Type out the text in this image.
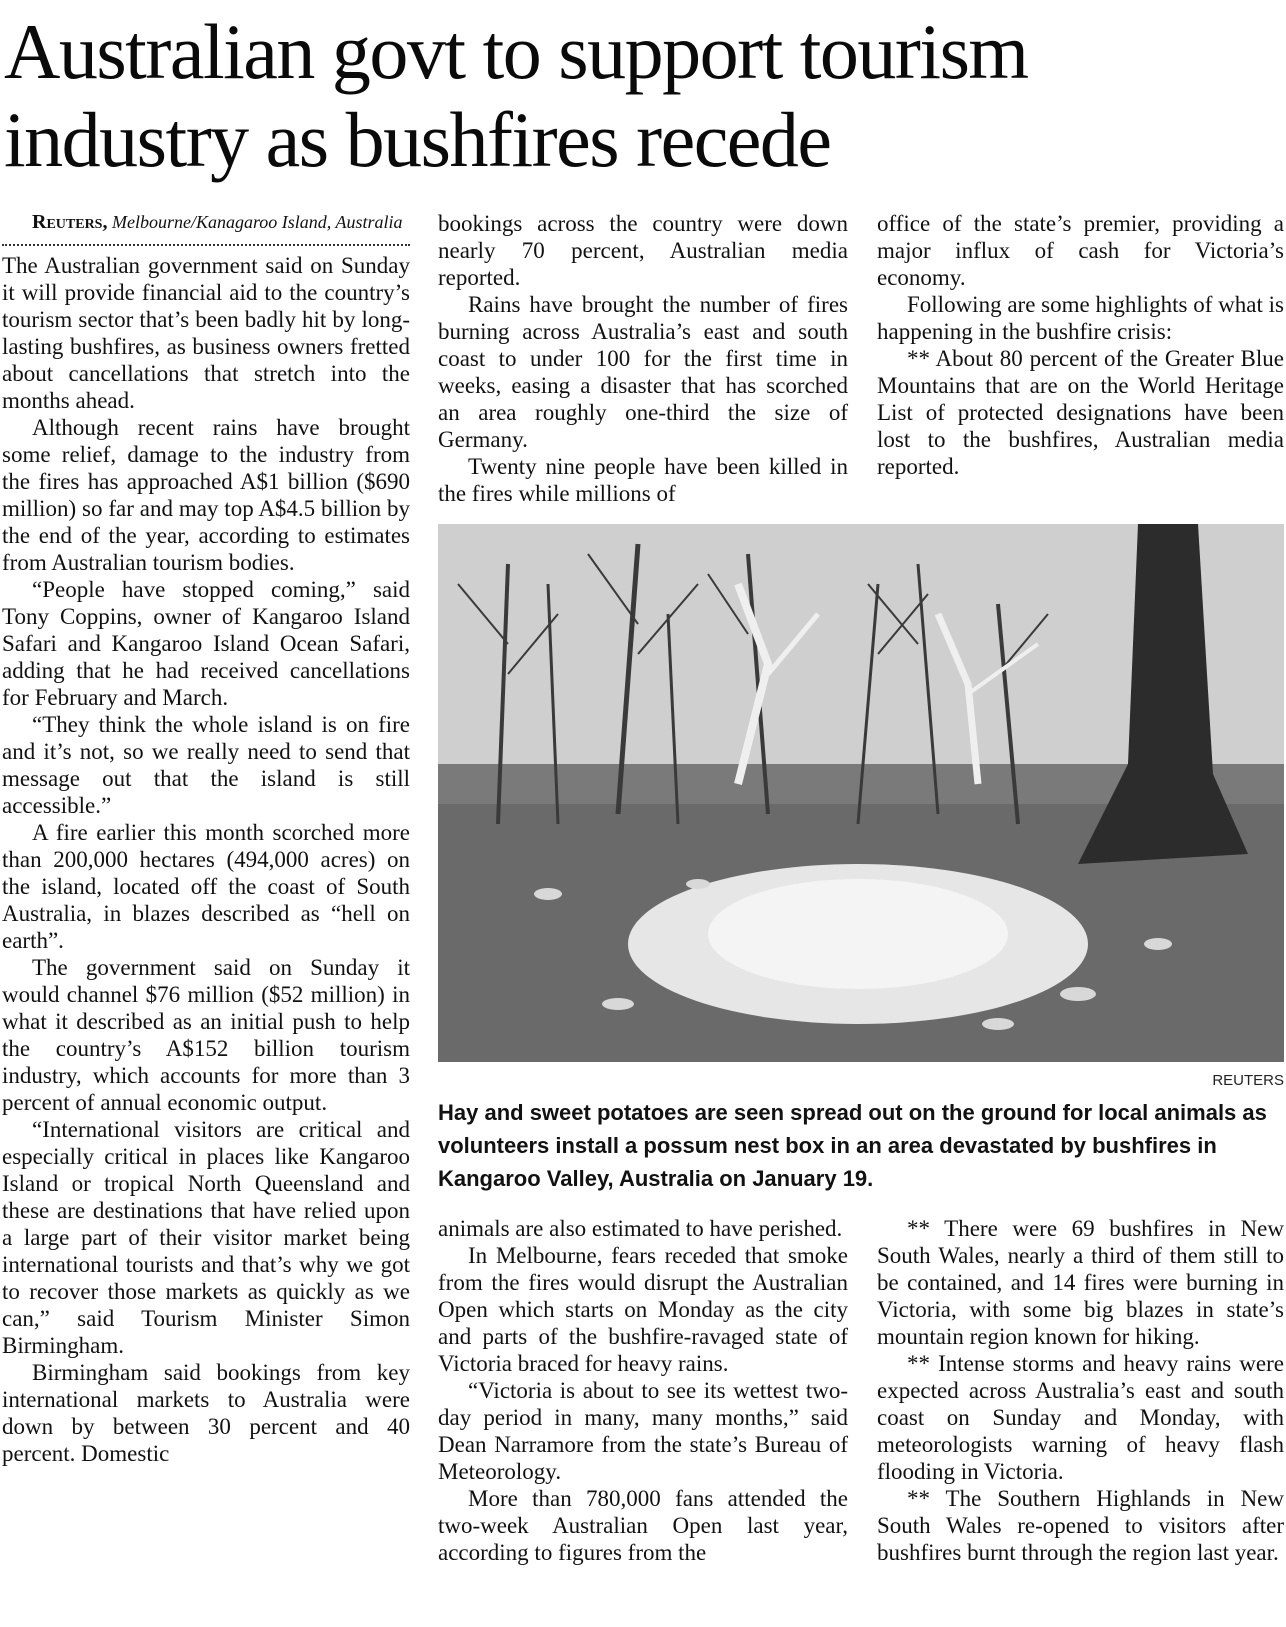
Australian govt to support tourism industry as bushfires recede

Reuters, Melbourne/Kanagaroo Island, Australia

The Australian government said on Sunday it will provide financial aid to the country’s tourism sector that’s been badly hit by long-lasting bushfires, as business owners fretted about cancellations that stretch into the months ahead.

Although recent rains have brought some relief, damage to the industry from the fires has approached A$1 billion ($690 million) so far and may top A$4.5 billion by the end of the year, according to estimates from Australian tourism bodies.

“People have stopped coming,” said Tony Coppins, owner of Kangaroo Island Safari and Kangaroo Island Ocean Safari, adding that he had received cancellations for February and March.

“They think the whole island is on fire and it’s not, so we really need to send that message out that the island is still accessible.”

A fire earlier this month scorched more than 200,000 hectares (494,000 acres) on the island, located off the coast of South Australia, in blazes described as “hell on earth”.

The government said on Sunday it would channel $76 million ($52 million) in what it described as an initial push to help the country’s A$152 billion tourism industry, which accounts for more than 3 percent of annual economic output.

“International visitors are critical and especially critical in places like Kangaroo Island or tropical North Queensland and these are destinations that have relied upon a large part of their visitor market being international tourists and that’s why we got to recover those markets as quickly as we can,” said Tourism Minister Simon Birmingham.

Birmingham said bookings from key international markets to Australia were down by between 30 percent and 40 percent. Domestic

bookings across the country were down nearly 70 percent, Australian media reported.

Rains have brought the number of fires burning across Australia’s east and south coast to under 100 for the first time in weeks, easing a disaster that has scorched an area roughly one-third the size of Germany.

Twenty nine people have been killed in the fires while millions of

office of the state’s premier, providing a major influx of cash for Victoria’s economy.

Following are some highlights of what is happening in the bushfire crisis:

** About 80 percent of the Greater Blue Mountains that are on the World Heritage List of protected designations have been lost to the bushfires, Australian media reported.

REUTERS

Hay and sweet potatoes are seen spread out on the ground for local animals as volunteers install a possum nest box in an area devastated by bushfires in Kangaroo Valley, Australia on January 19.

animals are also estimated to have perished.

In Melbourne, fears receded that smoke from the fires would disrupt the Australian Open which starts on Monday as the city and parts of the bushfire-ravaged state of Victoria braced for heavy rains.

“Victoria is about to see its wettest two-day period in many, many months,” said Dean Narramore from the state’s Bureau of Meteorology.

More than 780,000 fans attended the two-week Australian Open last year, according to figures from the

** There were 69 bushfires in New South Wales, nearly a third of them still to be contained, and 14 fires were burning in Victoria, with some big blazes in state’s mountain region known for hiking.

** Intense storms and heavy rains were expected across Australia’s east and south coast on Sunday and Monday, with meteorologists warning of heavy flash flooding in Victoria.

** The Southern Highlands in New South Wales re-opened to visitors after bushfires burnt through the region last year.
